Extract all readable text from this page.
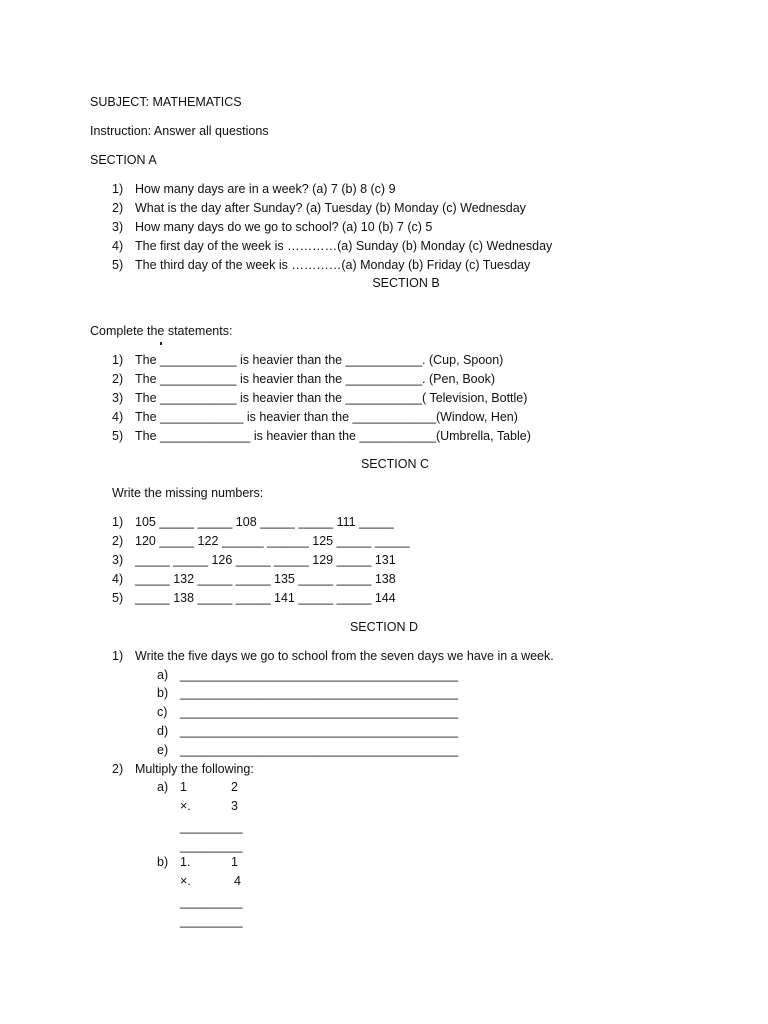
SUBJECT: MATHEMATICS
Instruction: Answer all questions
SECTION A
1) How many days are in a week? (a) 7 (b) 8 (c) 9
2) What is the day after Sunday? (a) Tuesday (b) Monday (c) Wednesday
3) How many days do we go to school? (a) 10 (b) 7 (c) 5
4) The first day of the week is …………(a) Sunday (b) Monday (c) Wednesday
5) The third day of the week is …………(a) Monday (b) Friday (c) Tuesday
SECTION B
Complete the statements:
1) The ___________ is heavier than the ___________. (Cup, Spoon)
2) The ___________ is heavier than the ___________. (Pen, Book)
3) The ___________ is heavier than the ___________( Television, Bottle)
4) The ____________ is heavier than the ____________(Window, Hen)
5) The _____________ is heavier than the ___________(Umbrella, Table)
SECTION C
Write the missing numbers:
1) 105 _____ _____ 108 _____ _____ 111 _____
2) 120 _____ 122 ______ ______ 125 _____ _____
3) _____ _____ 126 _____ _____ 129 _____ 131
4) _____ 132 _____ _____ 135 _____ _____ 138
5) _____ 138 _____ _____ 141 _____ _____ 144
SECTION D
1) Write the five days we go to school from the seven days we have in a week.
a) ________________________________________
b) ________________________________________
c)	________________________________________
d) ________________________________________
e) ________________________________________
2) Multiply the following:
a) 1	2
×.	3
_________
_________
b) 1.	1
×.	4
_________
_________
